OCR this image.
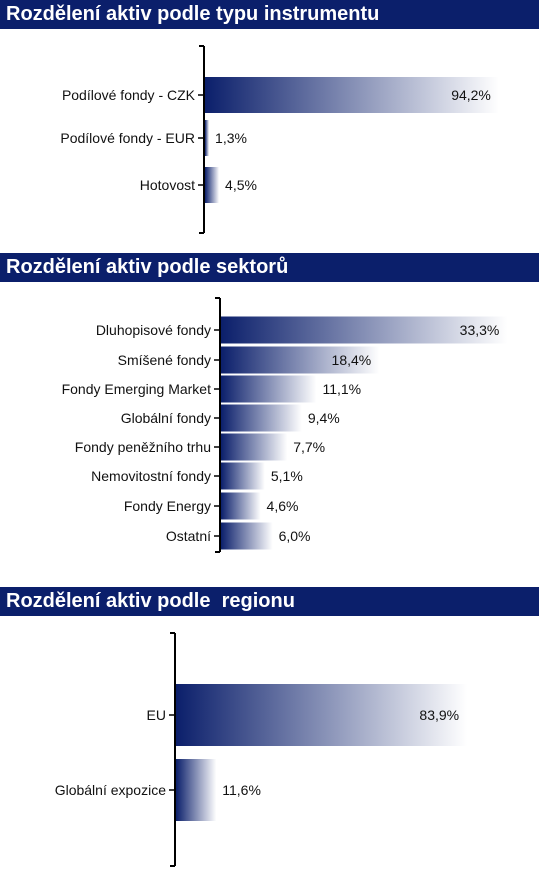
Rozdělení aktiv podle typu instrumentu
Podílové fondy - CZK	94,2%
Podílové fondy - EUR 1,3%
Hotovost 4,5%
Rozdělení aktiv podle sektorů
Dluhopisové fondy	33,3%
Smíšené fondy	18,4%
Fondy Emerging Market	11,1%
Globální fondy	9,4%
Fondy peněžního trhu	7,7%
Nemovitostní fondy	5,1%
Fondy Energy	4,6%
Ostatní	6,0%
Rozdělení aktiv podle  regionu
EU	83,9%
Globální expozice	11,6%
